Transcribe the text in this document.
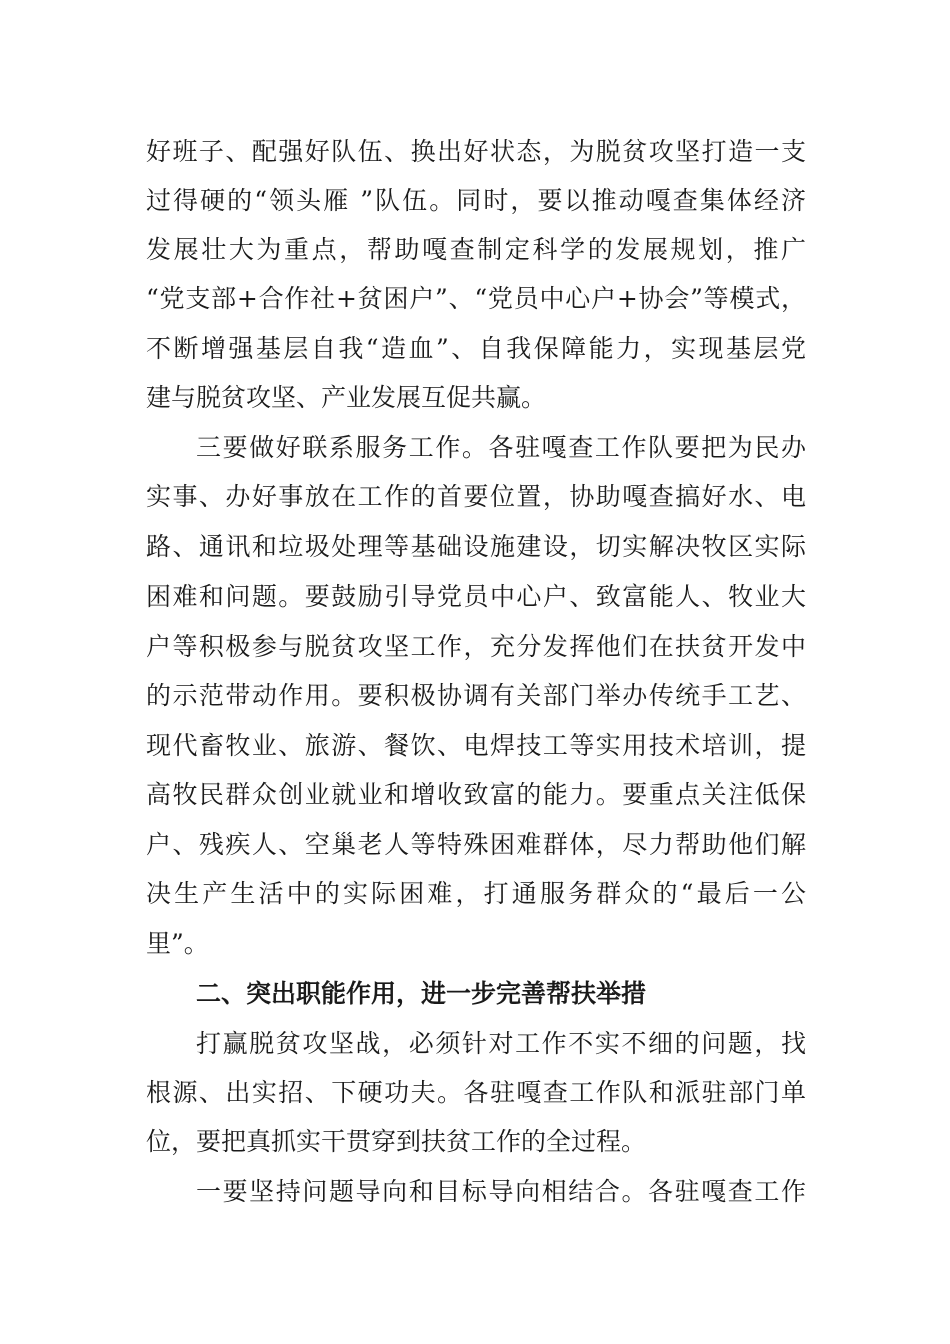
好班子、配强好队伍、换出好状态，为脱贫攻坚打造一支
过得硬的“领头雁 ”队伍。同时，要以推动嘎查集体经济
发展壮大为重点，帮助嘎查制定科学的发展规划，推广
“党支部+合作社+贫困户”、“党员中心户+协会”等模式，
不断增强基层自我“造血”、自我保障能力，实现基层党
建与脱贫攻坚、产业发展互促共赢。
三要做好联系服务工作。各驻嘎查工作队要把为民办
实事、办好事放在工作的首要位置，协助嘎查搞好水、电
路、通讯和垃圾处理等基础设施建设，切实解决牧区实际
困难和问题。要鼓励引导党员中心户、致富能人、牧业大
户等积极参与脱贫攻坚工作，充分发挥他们在扶贫开发中
的示范带动作用。要积极协调有关部门举办传统手工艺、
现代畜牧业、旅游、餐饮、电焊技工等实用技术培训，提
高牧民群众创业就业和增收致富的能力。要重点关注低保
户、残疾人、空巢老人等特殊困难群体，尽力帮助他们解
决生产生活中的实际困难，打通服务群众的“最后一公
里”。
二、突出职能作用，进一步完善帮扶举措
打赢脱贫攻坚战，必须针对工作不实不细的问题，找
根源、出实招、下硬功夫。各驻嘎查工作队和派驻部门单
位，要把真抓实干贯穿到扶贫工作的全过程。
一要坚持问题导向和目标导向相结合。各驻嘎查工作
